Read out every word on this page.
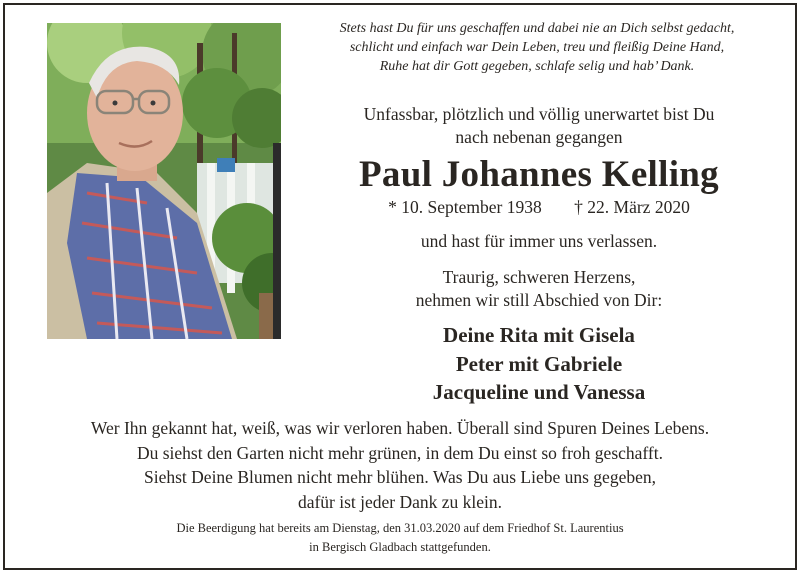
Stets hast Du für uns geschaffen und dabei nie an Dich selbst gedacht,
schlicht und einfach war Dein Leben, treu und fleißig Deine Hand,
Ruhe hat dir Gott gegeben, schlafe selig und hab’ Dank.
Unfassbar, plötzlich und völlig unerwartet bist Du
nach nebenan gegangen
Paul Johannes Kelling
* 10. September 1938 † 22. März 2020
und hast für immer uns verlassen.
Traurig, schweren Herzens,
nehmen wir still Abschied von Dir:
Deine Rita mit Gisela
Peter mit Gabriele
Jacqueline und Vanessa
Wer Ihn gekannt hat, weiß, was wir verloren haben. Überall sind Spuren Deines Lebens.
Du siehst den Garten nicht mehr grünen, in dem Du einst so froh geschafft.
Siehst Deine Blumen nicht mehr blühen. Was Du aus Liebe uns gegeben,
dafür ist jeder Dank zu klein.
Die Beerdigung hat bereits am Dienstag, den 31.03.2020 auf dem Friedhof St. Laurentius
in Bergisch Gladbach stattgefunden.
